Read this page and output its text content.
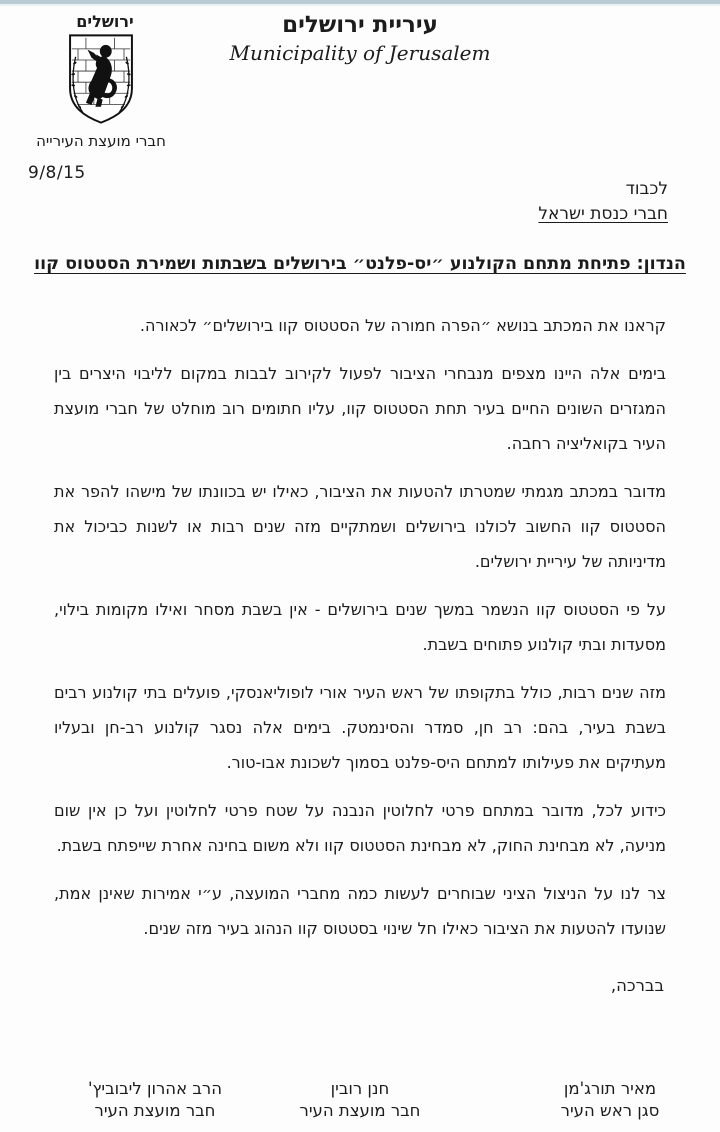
ירושלים
חברי מועצת העירייה
עיריית ירושלים
Municipality of Jerusalem
9/8/15
לכבוד
חברי כנסת ישראל
הנדון: פתיחת מתחם הקולנוע ״יס-פלנט״ בירושלים בשבתות ושמירת הסטטוס קוו

קראנו את המכתב בנושא ״הפרה חמורה של הסטטוס קוו בירושלים״ לכאורה.

בימים אלה היינו מצפים מנבחרי הציבור לפעול לקירוב לבבות במקום לליבוי היצרים בין המגזרים השונים החיים בעיר תחת הסטטוס קוו, עליו חתומים רוב מוחלט של חברי מועצת העיר בקואליציה רחבה.

מדובר במכתב מגמתי שמטרתו להטעות את הציבור, כאילו יש בכוונתו של מישהו להפר את הסטטוס קוו החשוב לכולנו בירושלים ושמתקיים מזה שנים רבות או לשנות כביכול את מדיניותה של עיריית ירושלים.

על פי הסטטוס קוו הנשמר במשך שנים בירושלים - אין בשבת מסחר ואילו מקומות בילוי, מסעדות ובתי קולנוע פתוחים בשבת.

מזה שנים רבות, כולל בתקופתו של ראש העיר אורי לופוליאנסקי, פועלים בתי קולנוע רבים בשבת בעיר, בהם: רב חן, סמדר והסינמטק. בימים אלה נסגר קולנוע רב-חן ובעליו מעתיקים את פעילותו למתחם היס-פלנט בסמוך לשכונת אבו-טור.

כידוע לכל, מדובר במתחם פרטי לחלוטין הנבנה על שטח פרטי לחלוטין ועל כן אין שום מניעה, לא מבחינת החוק, לא מבחינת הסטטוס קוו ולא משום בחינה אחרת שייפתח בשבת.

צר לנו על הניצול הציני שבוחרים לעשות כמה מחברי המועצה, ע״י אמירות שאינן אמת, שנועדו להטעות את הציבור כאילו חל שינוי בסטטוס קוו הנהוג בעיר מזה שנים.

בברכה,
מאיר תורג'מן
סגן ראש העיר
חנן רובין
חבר מועצת העיר
הרב אהרון ליבוביץ'
חבר מועצת העיר
